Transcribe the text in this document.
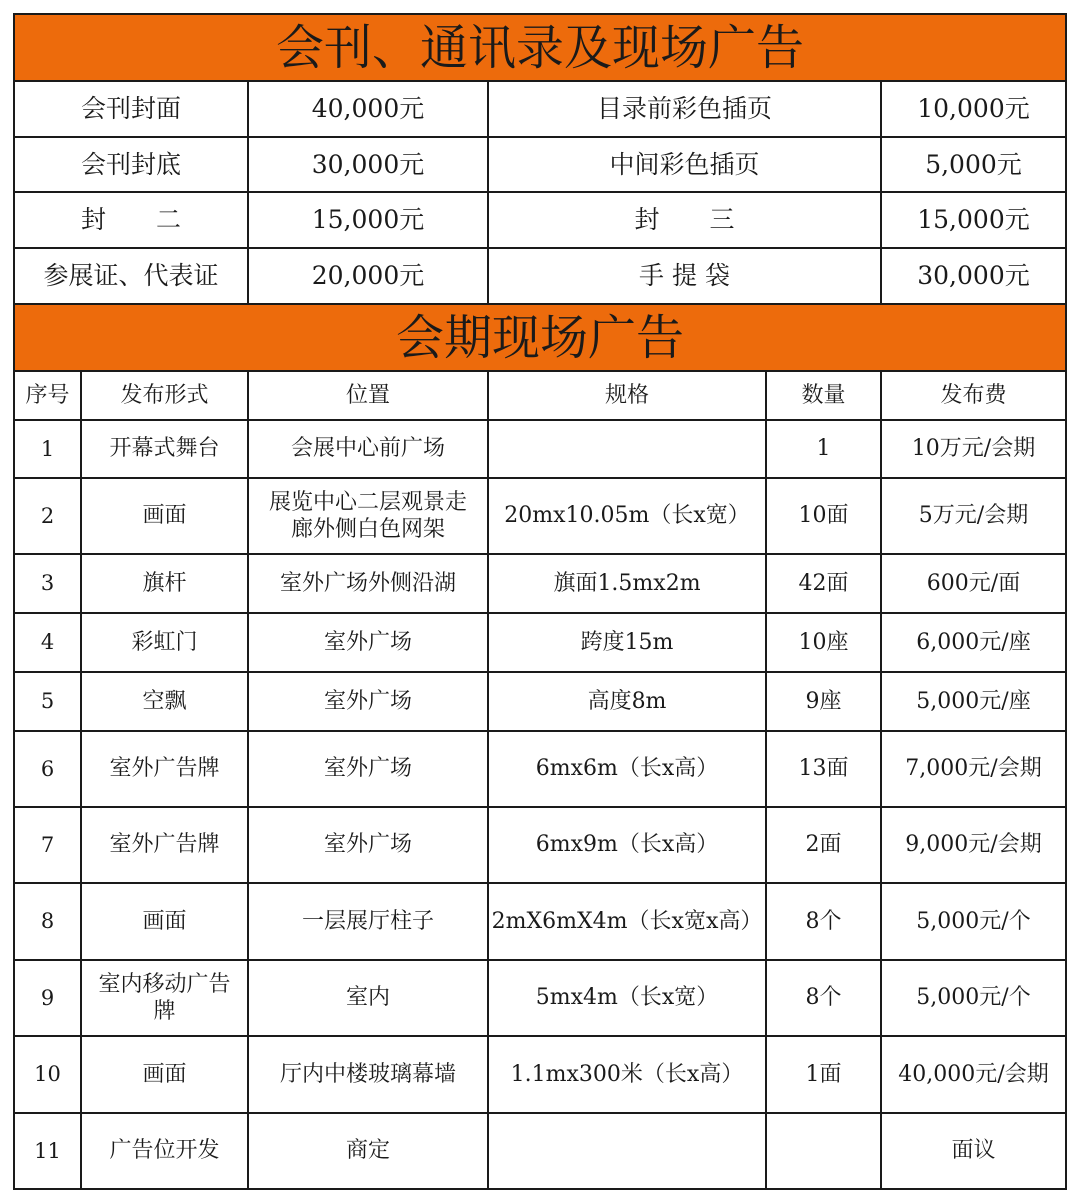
会刊、通讯录及现场广告					
会刊封面		40,000元	目录前彩色插页		10,000元
会刊封底		30,000元	中间彩色插页		5,000元
封　　二		15,000元	封　　三		15,000元
参展证、代表证		20,000元	手 提 袋		30,000元
会期现场广告					
序号	发布形式	位置	规格	数量	发布费
1	开幕式舞台	会展中心前广场		1	10万元/会期
2	画面	展览中心二层观景走廊外侧白色网架	20mx10.05m（长x宽）	10面	5万元/会期
3	旗杆	室外广场外侧沿湖	旗面1.5mx2m	42面	600元/面
4	彩虹门	室外广场	跨度15m	10座	6,000元/座
5	空飘	室外广场	高度8m	9座	5,000元/座
6	室外广告牌	室外广场	6mx6m（长x高）	13面	7,000元/会期
7	室外广告牌	室外广场	6mx9m（长x高）	2面	9,000元/会期
8	画面	一层展厅柱子	2mX6mX4m（长x宽x高）	8个	5,000元/个
9	室内移动广告牌	室内	5mx4m（长x宽）	8个	5,000元/个
10	画面	厅内中楼玻璃幕墙	1.1mx300米（长x高）	1面	40,000元/会期
11	广告位开发	商定			面议
